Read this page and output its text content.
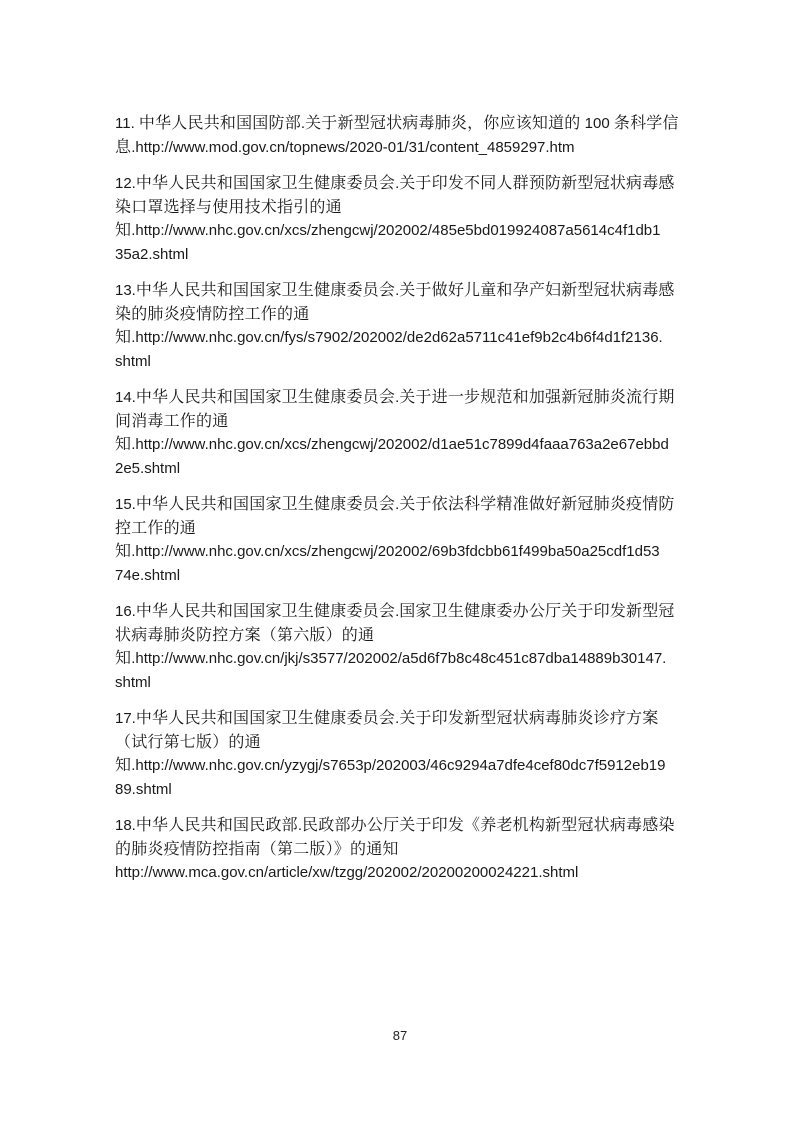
11. 中华人民共和国国防部.关于新型冠状病毒肺炎，你应该知道的 100 条科学信
息.http://www.mod.gov.cn/topnews/2020-01/31/content_4859297.htm
12.中华人民共和国国家卫生健康委员会.关于印发不同人群预防新型冠状病毒感
染口罩选择与使用技术指引的通
知.http://www.nhc.gov.cn/xcs/zhengcwj/202002/485e5bd019924087a5614c4f1db1
35a2.shtml
13.中华人民共和国国家卫生健康委员会.关于做好儿童和孕产妇新型冠状病毒感
染的肺炎疫情防控工作的通
知.http://www.nhc.gov.cn/fys/s7902/202002/de2d62a5711c41ef9b2c4b6f4d1f2136.
shtml
14.中华人民共和国国家卫生健康委员会.关于进一步规范和加强新冠肺炎流行期
间消毒工作的通
知.http://www.nhc.gov.cn/xcs/zhengcwj/202002/d1ae51c7899d4faaa763a2e67ebbd
2e5.shtml
15.中华人民共和国国家卫生健康委员会.关于依法科学精准做好新冠肺炎疫情防
控工作的通
知.http://www.nhc.gov.cn/xcs/zhengcwj/202002/69b3fdcbb61f499ba50a25cdf1d53
74e.shtml
16.中华人民共和国国家卫生健康委员会.国家卫生健康委办公厅关于印发新型冠
状病毒肺炎防控方案（第六版）的通
知.http://www.nhc.gov.cn/jkj/s3577/202002/a5d6f7b8c48c451c87dba14889b30147.
shtml
17.中华人民共和国国家卫生健康委员会.关于印发新型冠状病毒肺炎诊疗方案
（试行第七版）的通
知.http://www.nhc.gov.cn/yzygj/s7653p/202003/46c9294a7dfe4cef80dc7f5912eb19
89.shtml
18.中华人民共和国民政部.民政部办公厅关于印发《养老机构新型冠状病毒感染
的肺炎疫情防控指南（第二版）》的通知
http://www.mca.gov.cn/article/xw/tzgg/202002/20200200024221.shtml
87
